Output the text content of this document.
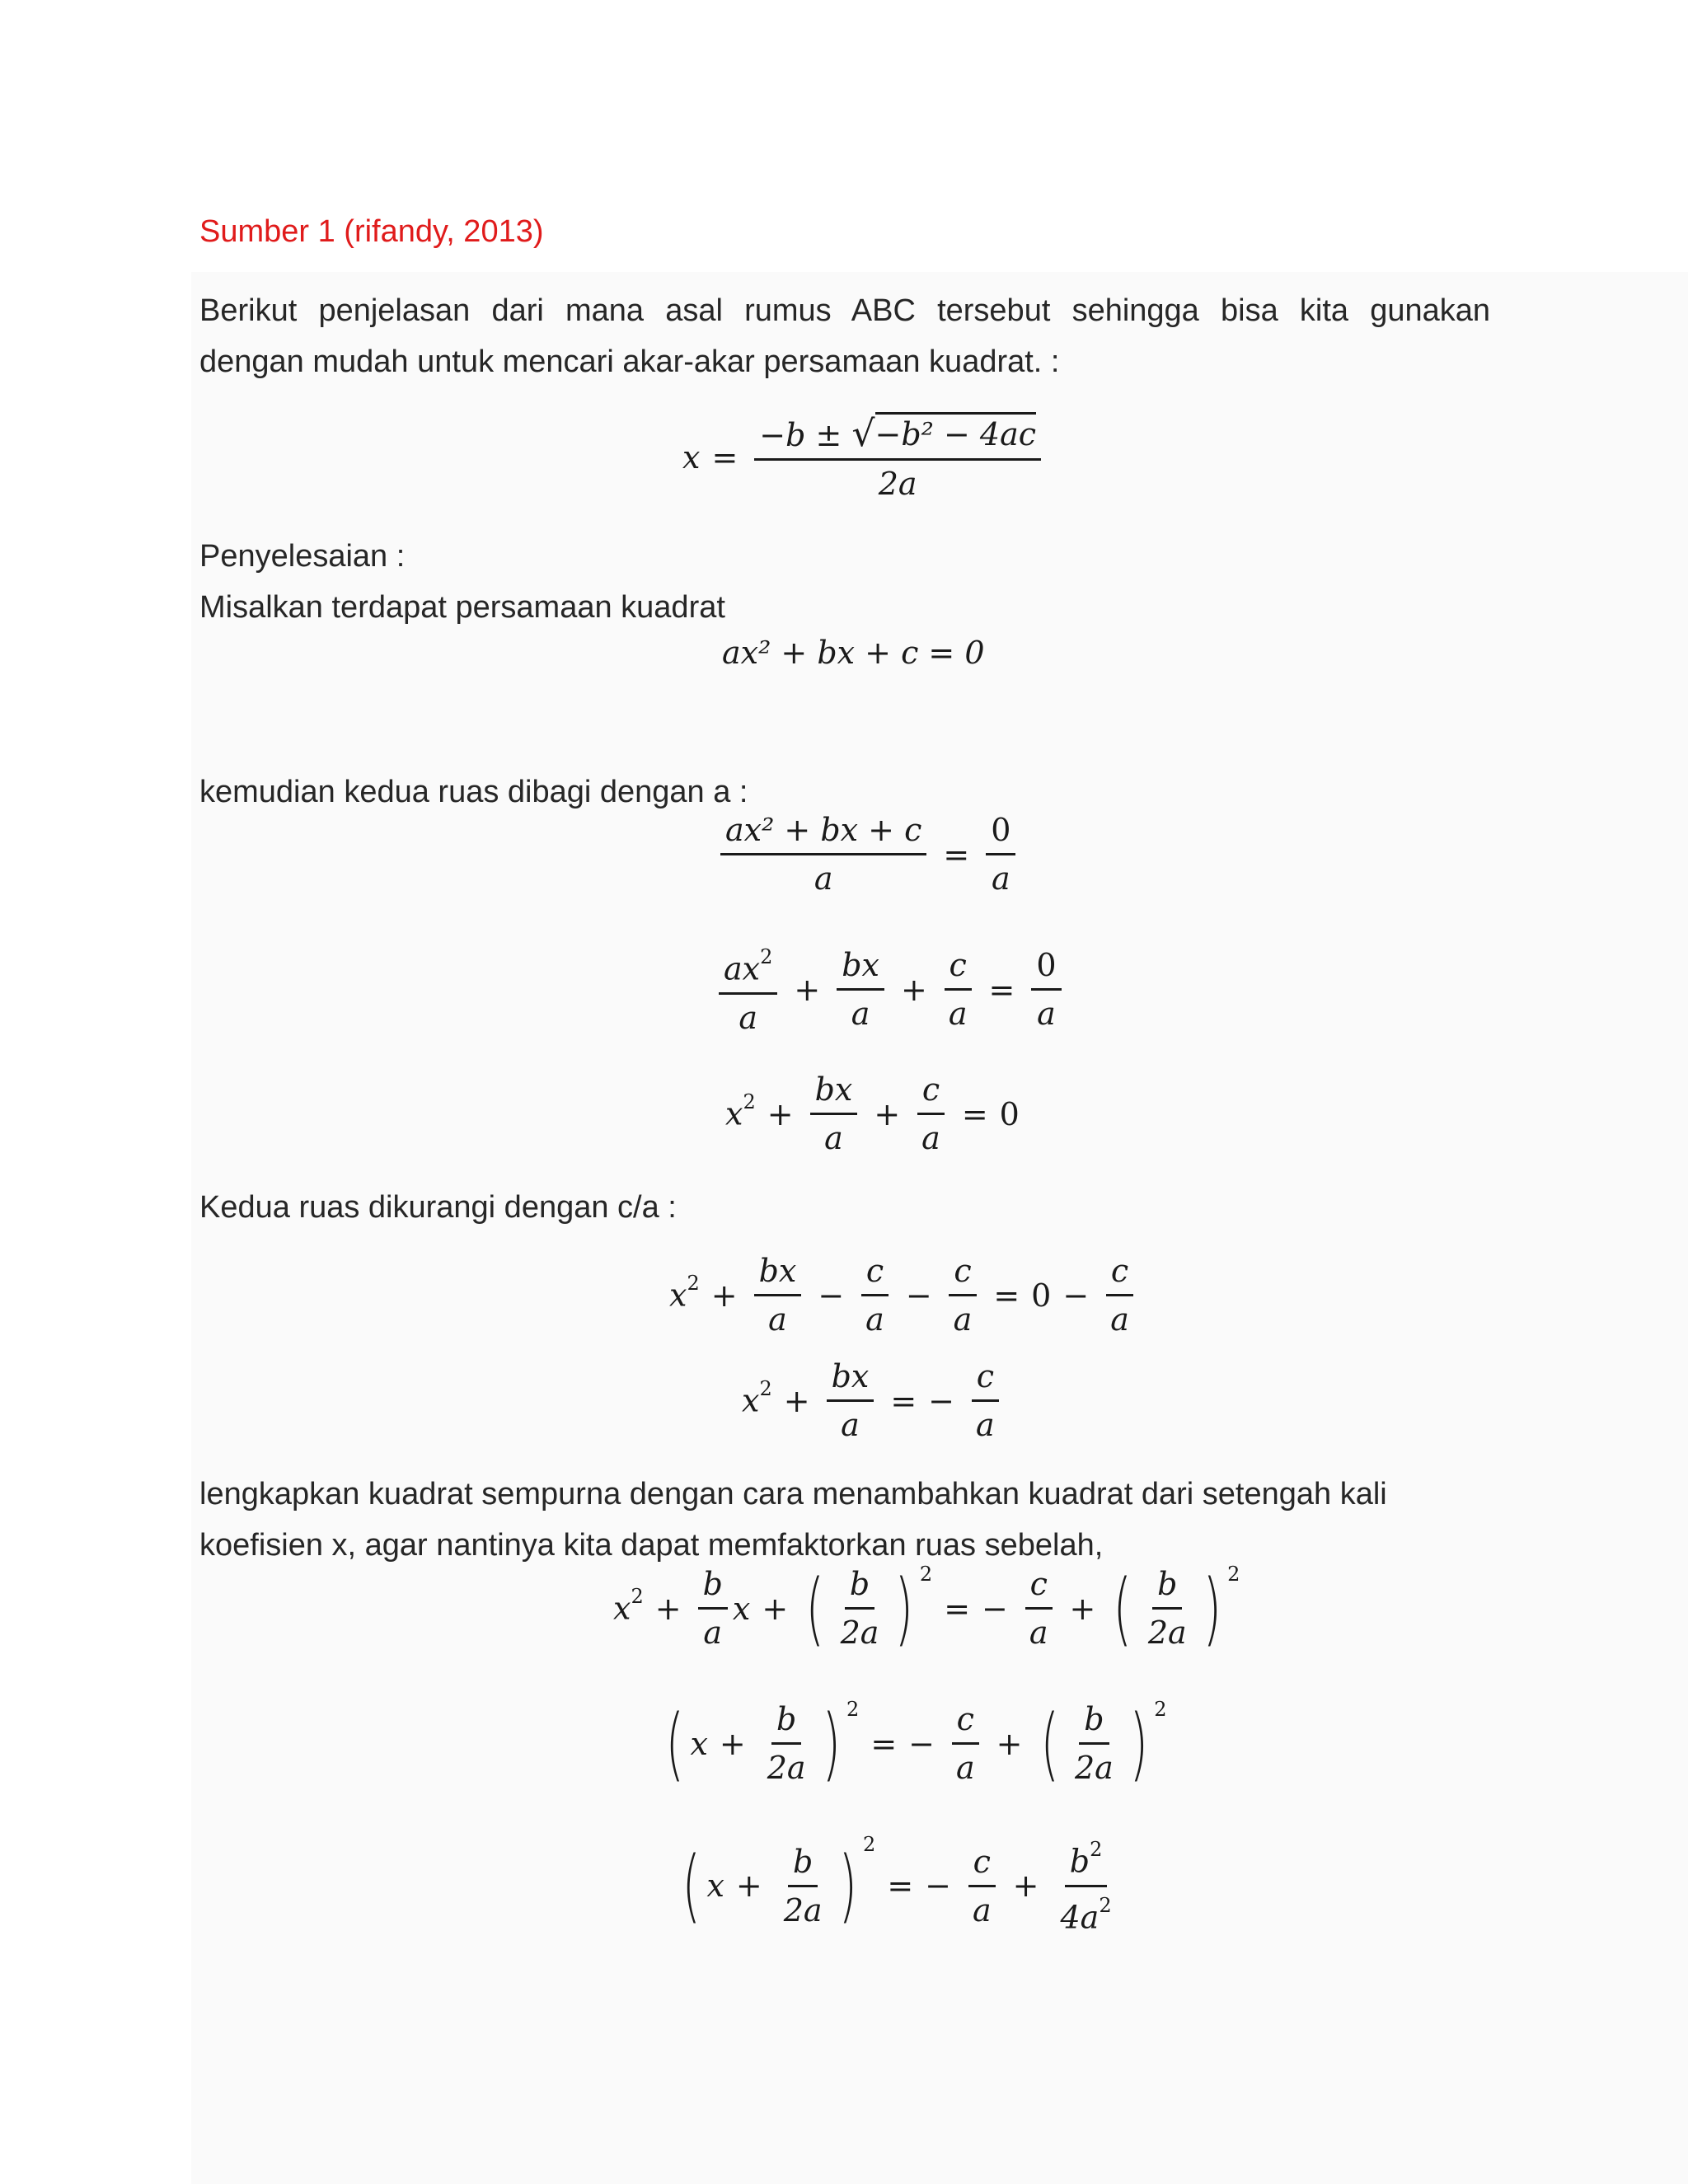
Sumber 1 (rifandy, 2013)
Berikut penjelasan dari mana asal rumus ABC tersebut sehingga bisa kita gunakan
dengan mudah untuk mencari akar-akar persamaan kuadrat. :
$x = \frac{\text{−b ± √ −b² − 4ac}}{2a}$
Penyelesaian :
Misalkan terdapat persamaan kuadrat
ax² + bx + c = 0
kemudian kedua ruas dibagi dengan a :
$\frac{\text{ax² + bx + c}}{a} = \frac{0}{a}$
$\frac{ax^2}{a} + \frac{bx}{a} + \frac{c}{a} = \frac{0}{a}$
$x^2 + \frac{bx}{a} + \frac{c}{a} = 0$
Kedua ruas dikurangi dengan c/a :
$x^2 + \frac{bx}{a} - \frac{c}{a} - \frac{c}{a} = 0 - \frac{c}{a}$
$x^2 + \frac{bx}{a}$ = − $\frac{c}{a}$
lengkapkan kuadrat sempurna dengan cara menambahkan kuadrat dari setengah kali
koefisien x, agar nantinya kita dapat memfaktorkan ruas sebelah,
$x^2 + \frac{b}{a}$ x + ( $\frac{b}{2a}$ ) 2
= − $\frac{c}{a}$ + ( $\frac{b}{2a}$ ) 2
( $x + \frac{b}{2a}$ ) 2
= − $\frac{c}{a}$ + ( $\frac{b}{2a}$ ) 2
( $x + \frac{b}{2a}$ ) 2
= − $\frac{c}{a} + \frac{b^2}{4a^2}$
